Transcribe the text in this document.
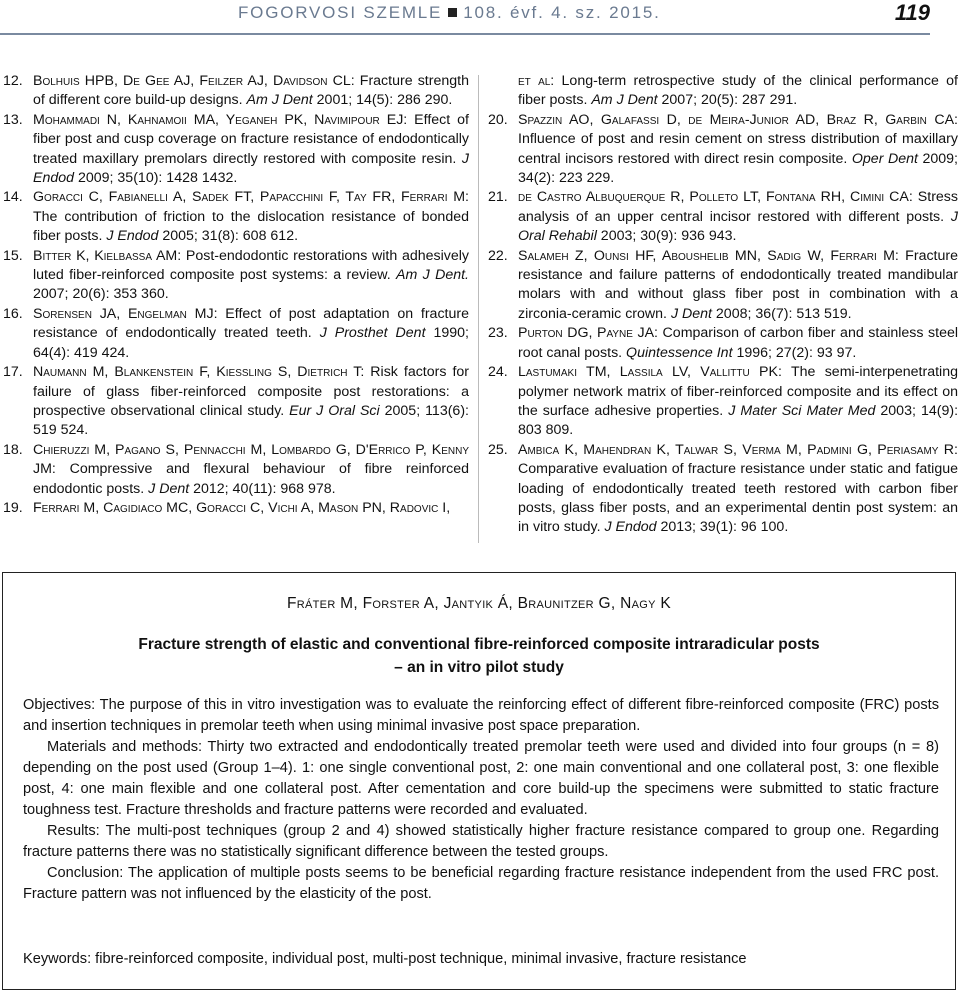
FOGORVOSI SZEMLE 108. évf. 4. sz. 2015.	119
12. Bolhuis HPB, De Gee AJ, Feilzer AJ, Davidson CL: Fracture strength of different core build-up designs. Am J Dent 2001; 14(5): 286 290.
13. Mohammadi N, Kahnamoii MA, Yeganeh PK, Navimipour EJ: Effect of fiber post and cusp coverage on fracture resistance of endodontically treated maxillary premolars directly restored with composite resin. J Endod 2009; 35(10): 1428 1432.
14. Goracci C, Fabianelli A, Sadek FT, Papacchini F, Tay FR, Ferrari M: The contribution of friction to the dislocation resistance of bonded fiber posts. J Endod 2005; 31(8): 608 612.
15. Bitter K, Kielbassa AM: Post-endodontic restorations with adhesively luted fiber-reinforced composite post systems: a review. Am J Dent. 2007; 20(6): 353 360.
16. Sorensen JA, Engelman MJ: Effect of post adaptation on fracture resistance of endodontically treated teeth. J Prosthet Dent 1990; 64(4): 419 424.
17. Naumann M, Blankenstein F, Kiessling S, Dietrich T: Risk factors for failure of glass fiber-reinforced composite post restorations: a prospective observational clinical study. Eur J Oral Sci 2005; 113(6): 519 524.
18. Chieruzzi M, Pagano S, Pennacchi M, Lombardo G, D'Errico P, Kenny JM: Compressive and flexural behaviour of fibre reinforced endodontic posts. J Dent 2012; 40(11): 968 978.
19. Ferrari M, Cagidiaco MC, Goracci C, Vichi A, Mason PN, Radovic I,
et al: Long-term retrospective study of the clinical performance of fiber posts. Am J Dent 2007; 20(5): 287 291.
20. Spazzin AO, Galafassi D, de Meira-Junior AD, Braz R, Garbin CA: Influence of post and resin cement on stress distribution of maxillary central incisors restored with direct resin composite. Oper Dent 2009; 34(2): 223 229.
21. de Castro Albuquerque R, Polleto LT, Fontana RH, Cimini CA: Stress analysis of an upper central incisor restored with different posts. J Oral Rehabil 2003; 30(9): 936 943.
22. Salameh Z, Ounsi HF, Aboushelib MN, Sadig W, Ferrari M: Fracture resistance and failure patterns of endodontically treated mandibular molars with and without glass fiber post in combination with a zirconia-ceramic crown. J Dent 2008; 36(7): 513 519.
23. Purton DG, Payne JA: Comparison of carbon fiber and stainless steel root canal posts. Quintessence Int 1996; 27(2): 93 97.
24. Lastumaki TM, Lassila LV, Vallittu PK: The semi-interpenetrating polymer network matrix of fiber-reinforced composite and its effect on the surface adhesive properties. J Mater Sci Mater Med 2003; 14(9): 803 809.
25. Ambica K, Mahendran K, Talwar S, Verma M, Padmini G, Periasamy R: Comparative evaluation of fracture resistance under static and fatigue loading of endodontically treated teeth restored with carbon fiber posts, glass fiber posts, and an experimental dentin post system: an in vitro study. J Endod 2013; 39(1): 96 100.
Fráter M, Forster A, Jantyik Á, Braunitzer G, Nagy K
Fracture strength of elastic and conventional fibre-reinforced composite intraradicular posts
– an in vitro pilot study

Objectives: The purpose of this in vitro investigation was to evaluate the reinforcing effect of different fibre-reinforced composite (FRC) posts and insertion techniques in premolar teeth when using minimal invasive post space preparation.

Materials and methods: Thirty two extracted and endodontically treated premolar teeth were used and divided into four groups (n = 8) depending on the post used (Group 1–4). 1: one single conventional post, 2: one main conventional and one collateral post, 3: one flexible post, 4: one main flexible and one collateral post. After cementation and core build-up the specimens were submitted to static fracture toughness test. Fracture thresholds and fracture patterns were recorded and evaluated.

Results: The multi-post techniques (group 2 and 4) showed statistically higher fracture resistance compared to group one. Regarding fracture patterns there was no statistically significant difference between the tested groups.

Conclusion: The application of multiple posts seems to be beneficial regarding fracture resistance independent from the used FRC post. Fracture pattern was not influenced by the elasticity of the post.

Keywords: fibre-reinforced composite, individual post, multi-post technique, minimal invasive, fracture resistance
